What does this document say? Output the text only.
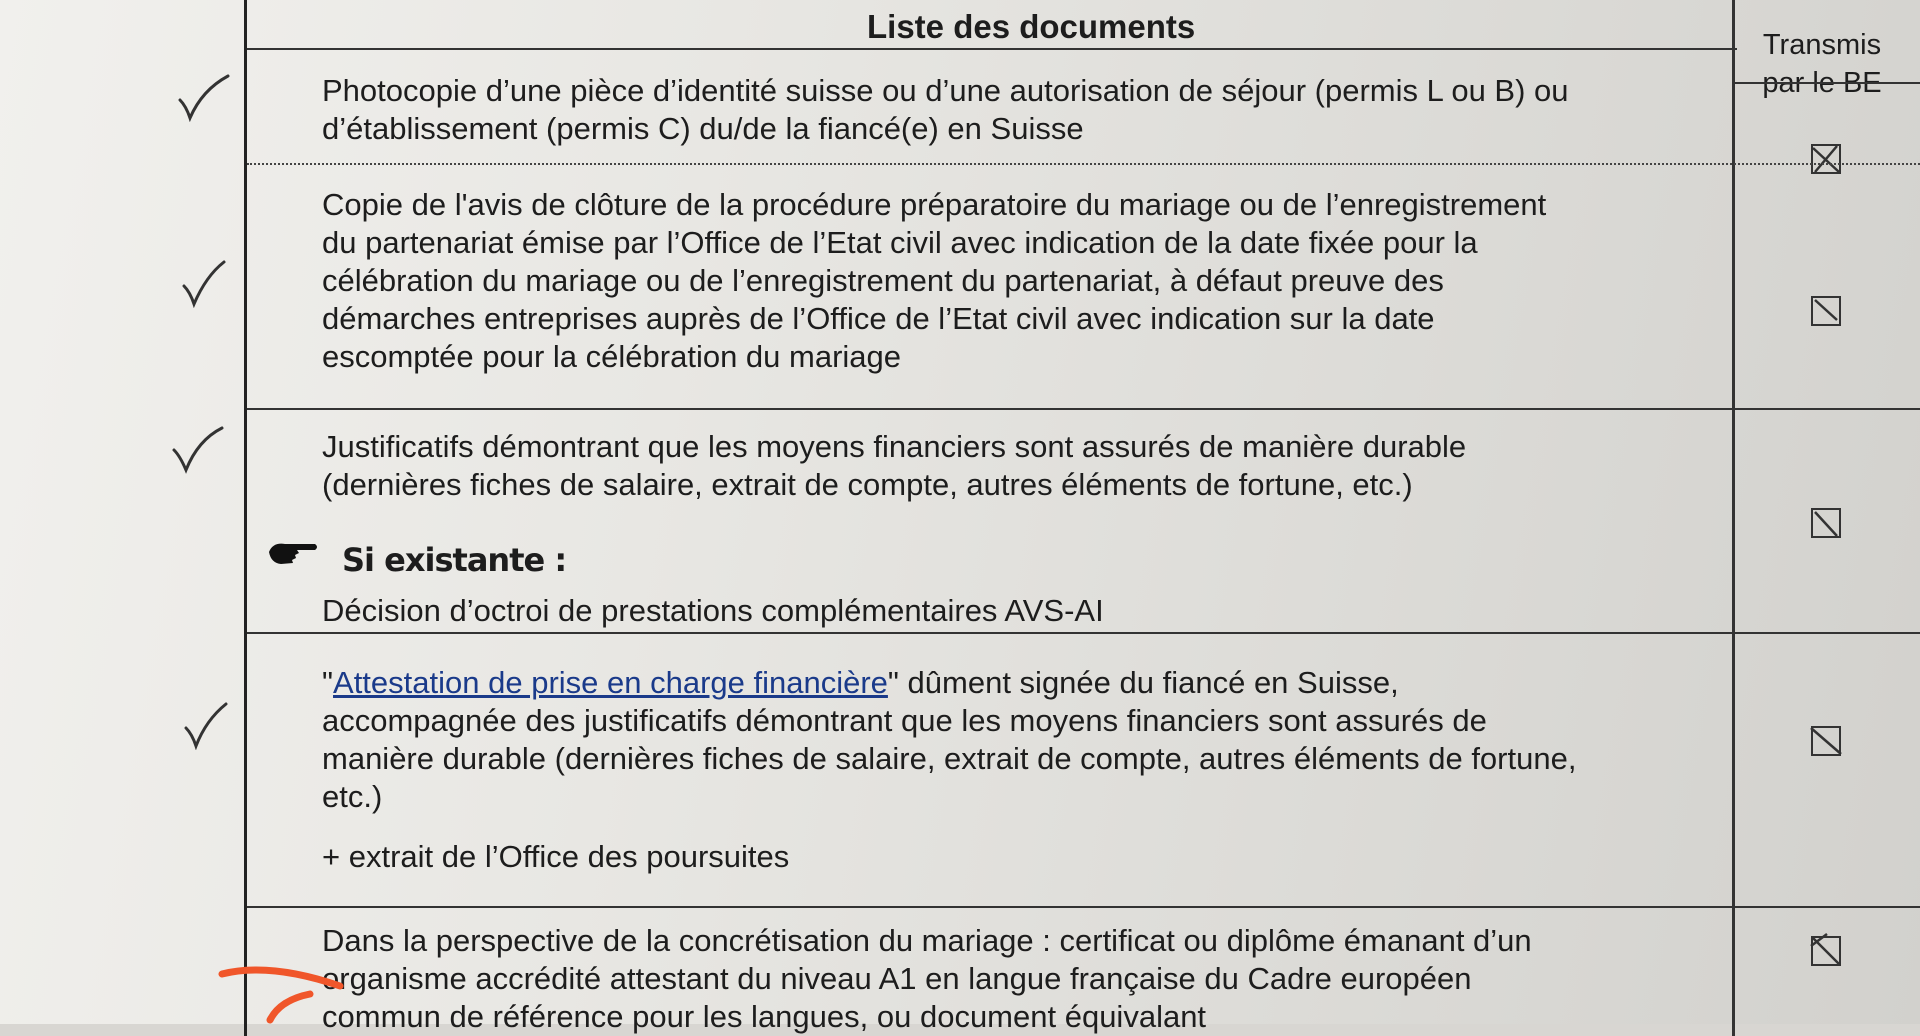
Liste des documents	Transmis
par le BE
Photocopie d’une pièce d’identité suisse ou d’une autorisation de séjour (permis L ou B) ou
d’établissement (permis C) du/de la fiancé(e) en Suisse
Copie de l'avis de clôture de la procédure préparatoire du mariage ou de l’enregistrement
du partenariat émise par l’Office de l’Etat civil avec indication de la date fixée pour la
célébration du mariage ou de l’enregistrement du partenariat, à défaut preuve des
démarches entreprises auprès de l’Office de l’Etat civil avec indication sur la date
escomptée pour la célébration du mariage
Justificatifs démontrant que les moyens financiers sont assurés de manière durable
(dernières fiches de salaire, extrait de compte, autres éléments de fortune, etc.)
Si existante :
Décision d’octroi de prestations complémentaires AVS-AI
"Attestation de prise en charge financière" dûment signée du fiancé en Suisse,
accompagnée des justificatifs démontrant que les moyens financiers sont assurés de
manière durable (dernières fiches de salaire, extrait de compte, autres éléments de fortune,
etc.)
+ extrait de l’Office des poursuites
Dans la perspective de la concrétisation du mariage : certificat ou diplôme émanant d’un
organisme accrédité attestant du niveau A1 en langue française du Cadre européen
commun de référence pour les langues, ou document équivalant
